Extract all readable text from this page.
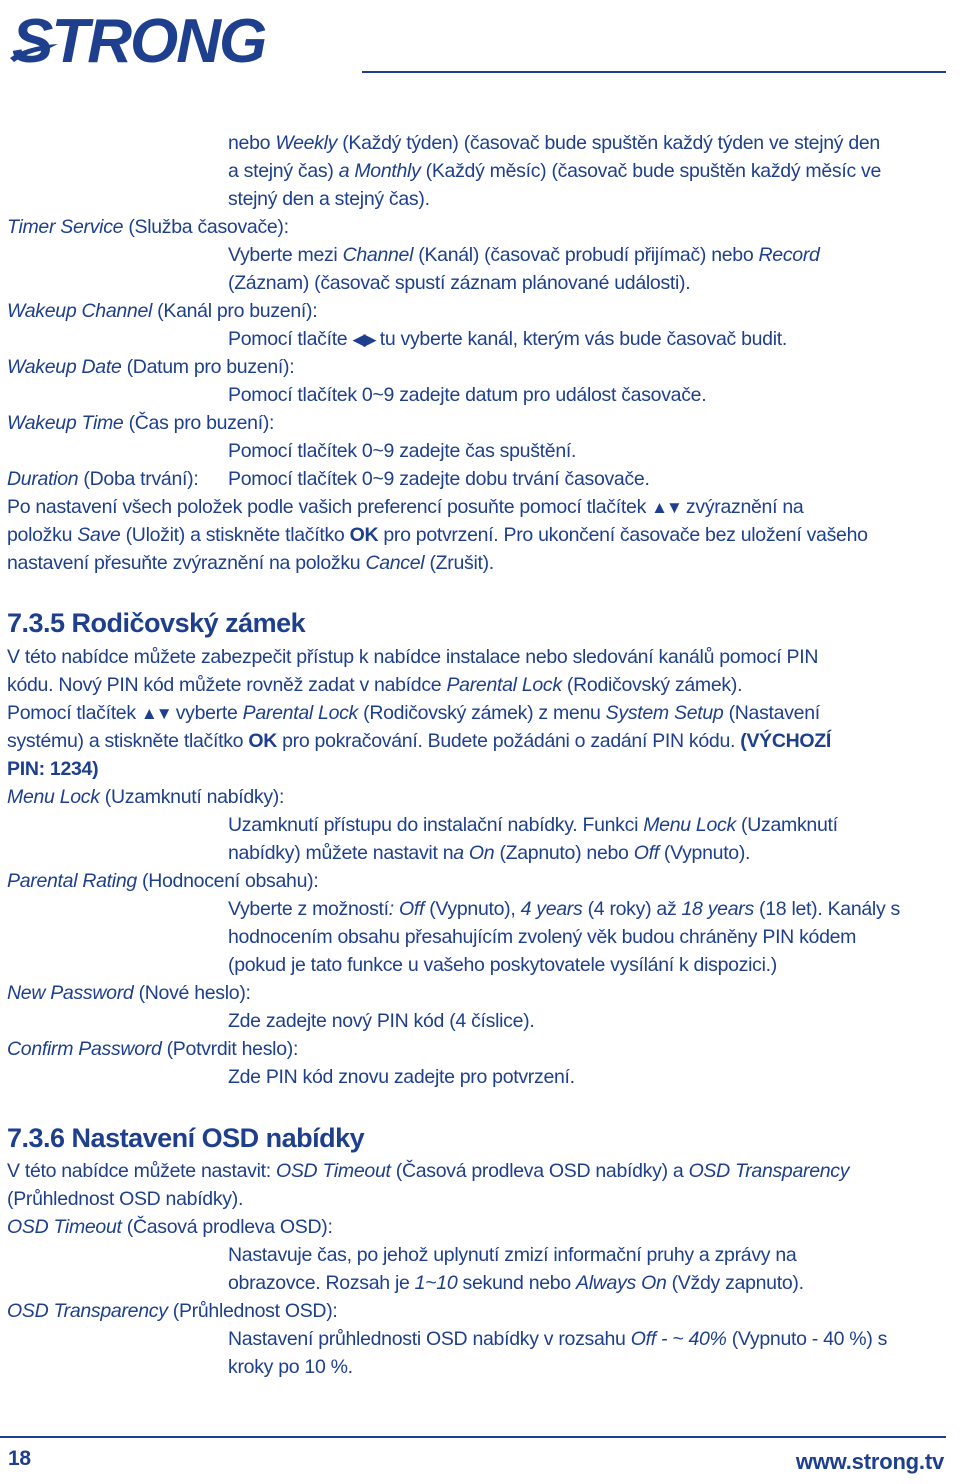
STRONG
nebo Weekly (Každý týden) (časovač bude spuštěn každý týden ve stejný den
a stejný čas) a Monthly (Každý měsíc) (časovač bude spuštěn každý měsíc ve
stejný den a stejný čas).
Timer Service (Služba časovače):
Vyberte mezi Channel (Kanál) (časovač probudí přijímač) nebo Record
(Záznam) (časovač spustí záznam plánované události).
Wakeup Channel (Kanál pro buzení):
Pomocí tlačíte ◀▶ tu vyberte kanál, kterým vás bude časovač budit.
Wakeup Date (Datum pro buzení):
Pomocí tlačítek 0~9 zadejte datum pro událost časovače.
Wakeup Time (Čas pro buzení):
Pomocí tlačítek 0~9 zadejte čas spuštění.
Duration (Doba trvání):	Pomocí tlačítek 0~9 zadejte dobu trvání časovače.
Po nastavení všech položek podle vašich preferencí posuňte pomocí tlačítek ▲▼ zvýraznění na
položku Save (Uložit) a stiskněte tlačítko OK pro potvrzení. Pro ukončení časovače bez uložení vašeho
nastavení přesuňte zvýraznění na položku Cancel (Zrušit).
7.3.5 Rodičovský zámek
V této nabídce můžete zabezpečit přístup k nabídce instalace nebo sledování kanálů pomocí PIN
kódu. Nový PIN kód můžete rovněž zadat v nabídce Parental Lock (Rodičovský zámek).
Pomocí tlačítek ▲▼ vyberte Parental Lock (Rodičovský zámek) z menu System Setup (Nastavení
systému) a stiskněte tlačítko OK pro pokračování. Budete požádáni o zadání PIN kódu. (VÝCHOZÍ
PIN: 1234)
Menu Lock (Uzamknutí nabídky):
Uzamknutí přístupu do instalační nabídky. Funkci Menu Lock (Uzamknutí
nabídky) můžete nastavit na On (Zapnuto) nebo Off (Vypnuto).
Parental Rating (Hodnocení obsahu):
Vyberte z možností: Off (Vypnuto), 4 years (4 roky) až 18 years (18 let). Kanály s
hodnocením obsahu přesahujícím zvolený věk budou chráněny PIN kódem
(pokud je tato funkce u vašeho poskytovatele vysílání k dispozici.)
New Password (Nové heslo):
Zde zadejte nový PIN kód (4 číslice).
Confirm Password (Potvrdit heslo):
Zde PIN kód znovu zadejte pro potvrzení.
7.3.6 Nastavení OSD nabídky
V této nabídce můžete nastavit: OSD Timeout (Časová prodleva OSD nabídky) a OSD Transparency
(Průhlednost OSD nabídky).
OSD Timeout (Časová prodleva OSD):
Nastavuje čas, po jehož uplynutí zmizí informační pruhy a zprávy na
obrazovce. Rozsah je 1~10 sekund nebo Always On (Vždy zapnuto).
OSD Transparency (Průhlednost OSD):
Nastavení průhlednosti OSD nabídky v rozsahu Off - ~ 40% (Vypnuto - 40 %) s
kroky po 10 %.
18	www.strong.tv
